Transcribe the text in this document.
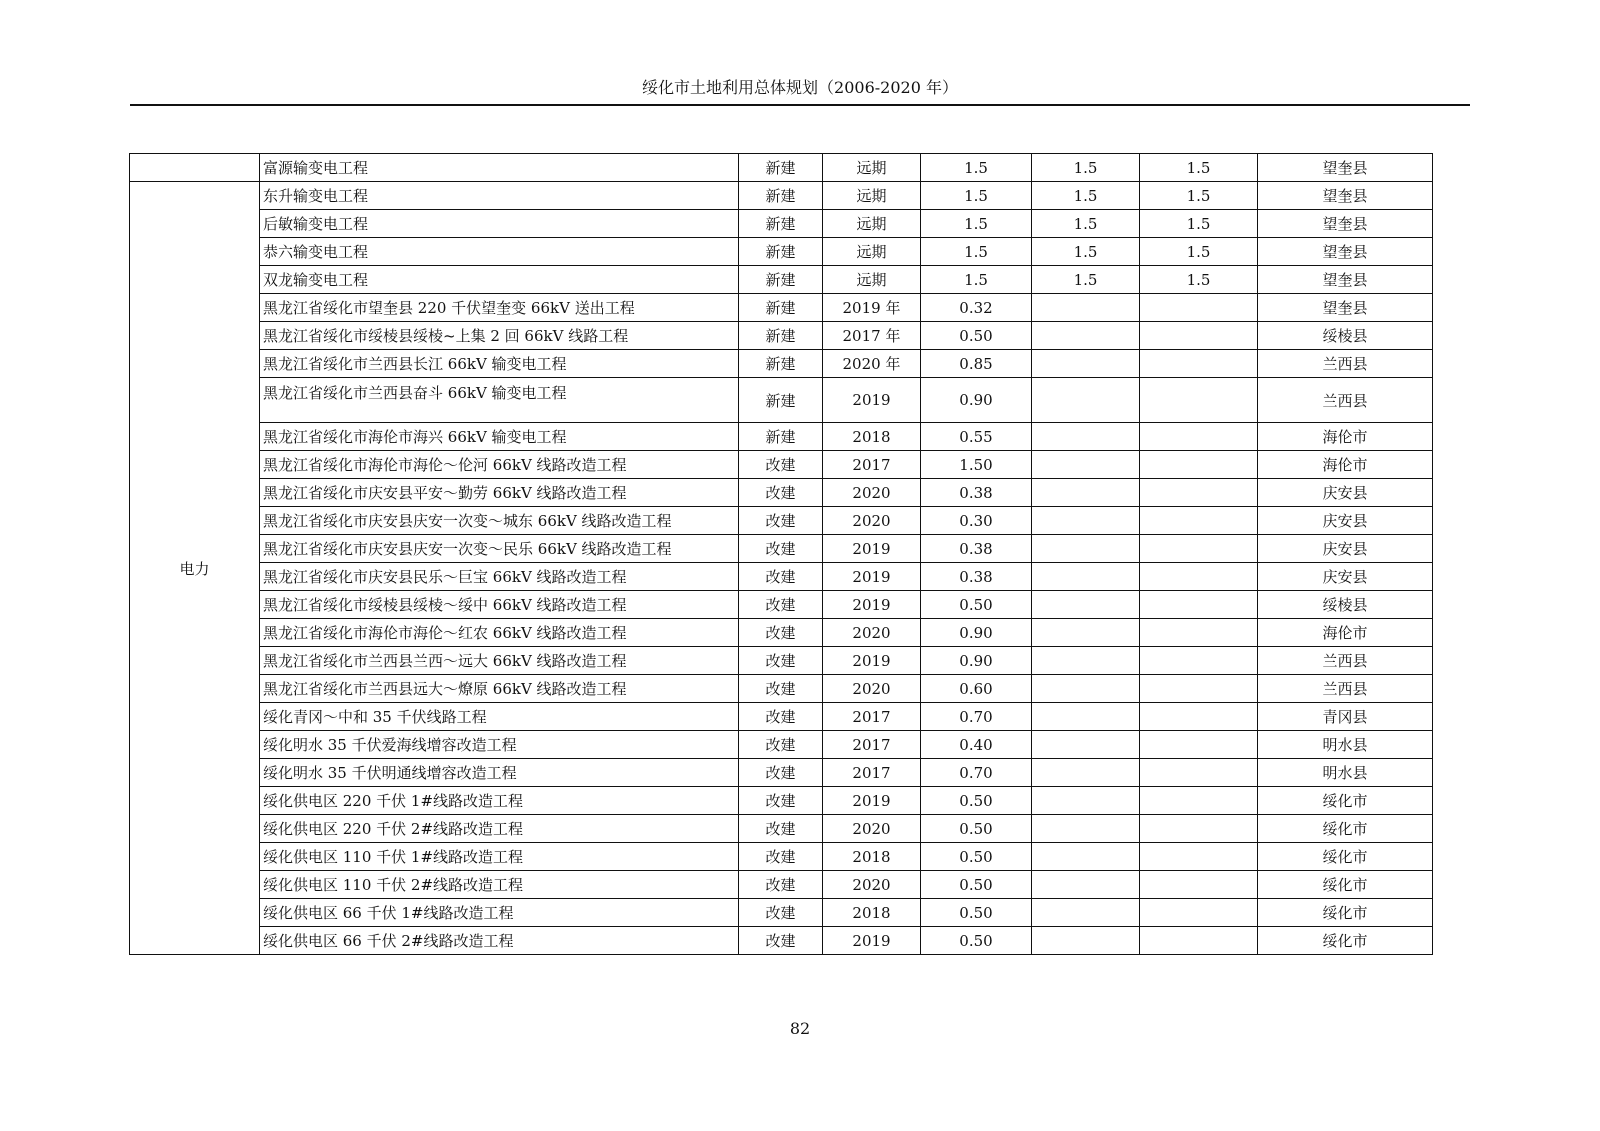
绥化市土地利用总体规划（2006-2020 年）
	富源输变电工程	新建	远期	1.5	1.5	1.5	望奎县
电力	东升输变电工程	新建	远期	1.5	1.5	1.5	望奎县
	后敏输变电工程	新建	远期	1.5	1.5	1.5	望奎县
	恭六输变电工程	新建	远期	1.5	1.5	1.5	望奎县
	双龙输变电工程	新建	远期	1.5	1.5	1.5	望奎县
	黑龙江省绥化市望奎县 220 千伏望奎变 66kV 送出工程	新建	2019 年	0.32			望奎县
	黑龙江省绥化市绥棱县绥棱~上集 2 回 66kV 线路工程	新建	2017 年	0.50			绥棱县
	黑龙江省绥化市兰西县长江 66kV 输变电工程	新建	2020 年	0.85			兰西县
	黑龙江省绥化市兰西县奋斗 66kV 输变电工程	新建	2019	0.90			兰西县
	黑龙江省绥化市海伦市海兴 66kV 输变电工程	新建	2018	0.55			海伦市
	黑龙江省绥化市海伦市海伦～伦河 66kV 线路改造工程	改建	2017	1.50			海伦市
	黑龙江省绥化市庆安县平安～勤劳 66kV 线路改造工程	改建	2020	0.38			庆安县
	黑龙江省绥化市庆安县庆安一次变～城东 66kV 线路改造工程	改建	2020	0.30			庆安县
	黑龙江省绥化市庆安县庆安一次变～民乐 66kV 线路改造工程	改建	2019	0.38			庆安县
	黑龙江省绥化市庆安县民乐～巨宝 66kV 线路改造工程	改建	2019	0.38			庆安县
	黑龙江省绥化市绥棱县绥棱～绥中 66kV 线路改造工程	改建	2019	0.50			绥棱县
	黑龙江省绥化市海伦市海伦～红农 66kV 线路改造工程	改建	2020	0.90			海伦市
	黑龙江省绥化市兰西县兰西～远大 66kV 线路改造工程	改建	2019	0.90			兰西县
	黑龙江省绥化市兰西县远大～燎原 66kV 线路改造工程	改建	2020	0.60			兰西县
	绥化青冈～中和 35 千伏线路工程	改建	2017	0.70			青冈县
	绥化明水 35 千伏爱海线增容改造工程	改建	2017	0.40			明水县
	绥化明水 35 千伏明通线增容改造工程	改建	2017	0.70			明水县
	绥化供电区 220 千伏 1#线路改造工程	改建	2019	0.50			绥化市
	绥化供电区 220 千伏 2#线路改造工程	改建	2020	0.50			绥化市
	绥化供电区 110 千伏 1#线路改造工程	改建	2018	0.50			绥化市
	绥化供电区 110 千伏 2#线路改造工程	改建	2020	0.50			绥化市
	绥化供电区 66 千伏 1#线路改造工程	改建	2018	0.50			绥化市
	绥化供电区 66 千伏 2#线路改造工程	改建	2019	0.50			绥化市
82
